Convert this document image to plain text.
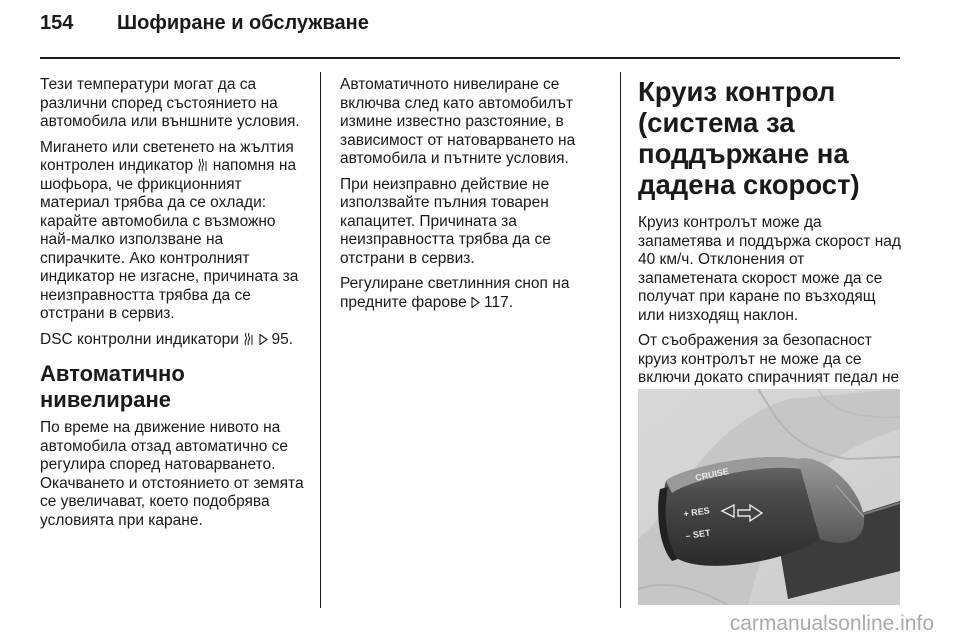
154 Шофиране и обслужване

Тези температури могат да са различни според състоянието на автомобила или външните условия.

Мигането или светенето на жълтия контролен индикатор  напомня на шофьора, че фрикционният материал трябва да се охлади: карайте автомобила с възможно най-малко използване на спирачките. Ако контролният индикатор не изгасне, причината за неизправността трябва да се отстрани в сервиз.

DSC контролни индикатори  95.

Автоматично нивелиране

По време на движение нивото на автомобила отзад автоматично се регулира според натоварването. Окачването и отстоянието от земята се увеличават, което подобрява условията при каране.

Автоматичното нивелиране се включва след като автомобилът измине известно разстояние, в зависимост от натоварването на автомобила и пътните условия.

При неизправно действие не използвайте пълния товарен капацитет. Причината за неизправността трябва да се отстрани в сервиз.

Регулиране светлинния сноп на предните фарове 117.

Круиз контрол (система за поддържане на дадена скорост)

Круиз контролът може да запаметява и поддържа скорост над 40 км/ч. Отклонения от запаметената скорост може да се получат при каране по възходящ или низходящ наклон.

От съображения за безопасност круиз контролът не може да се включи докато спирачният педал не

CRUISE
+ RES
– SET
carmanualsonline.info
